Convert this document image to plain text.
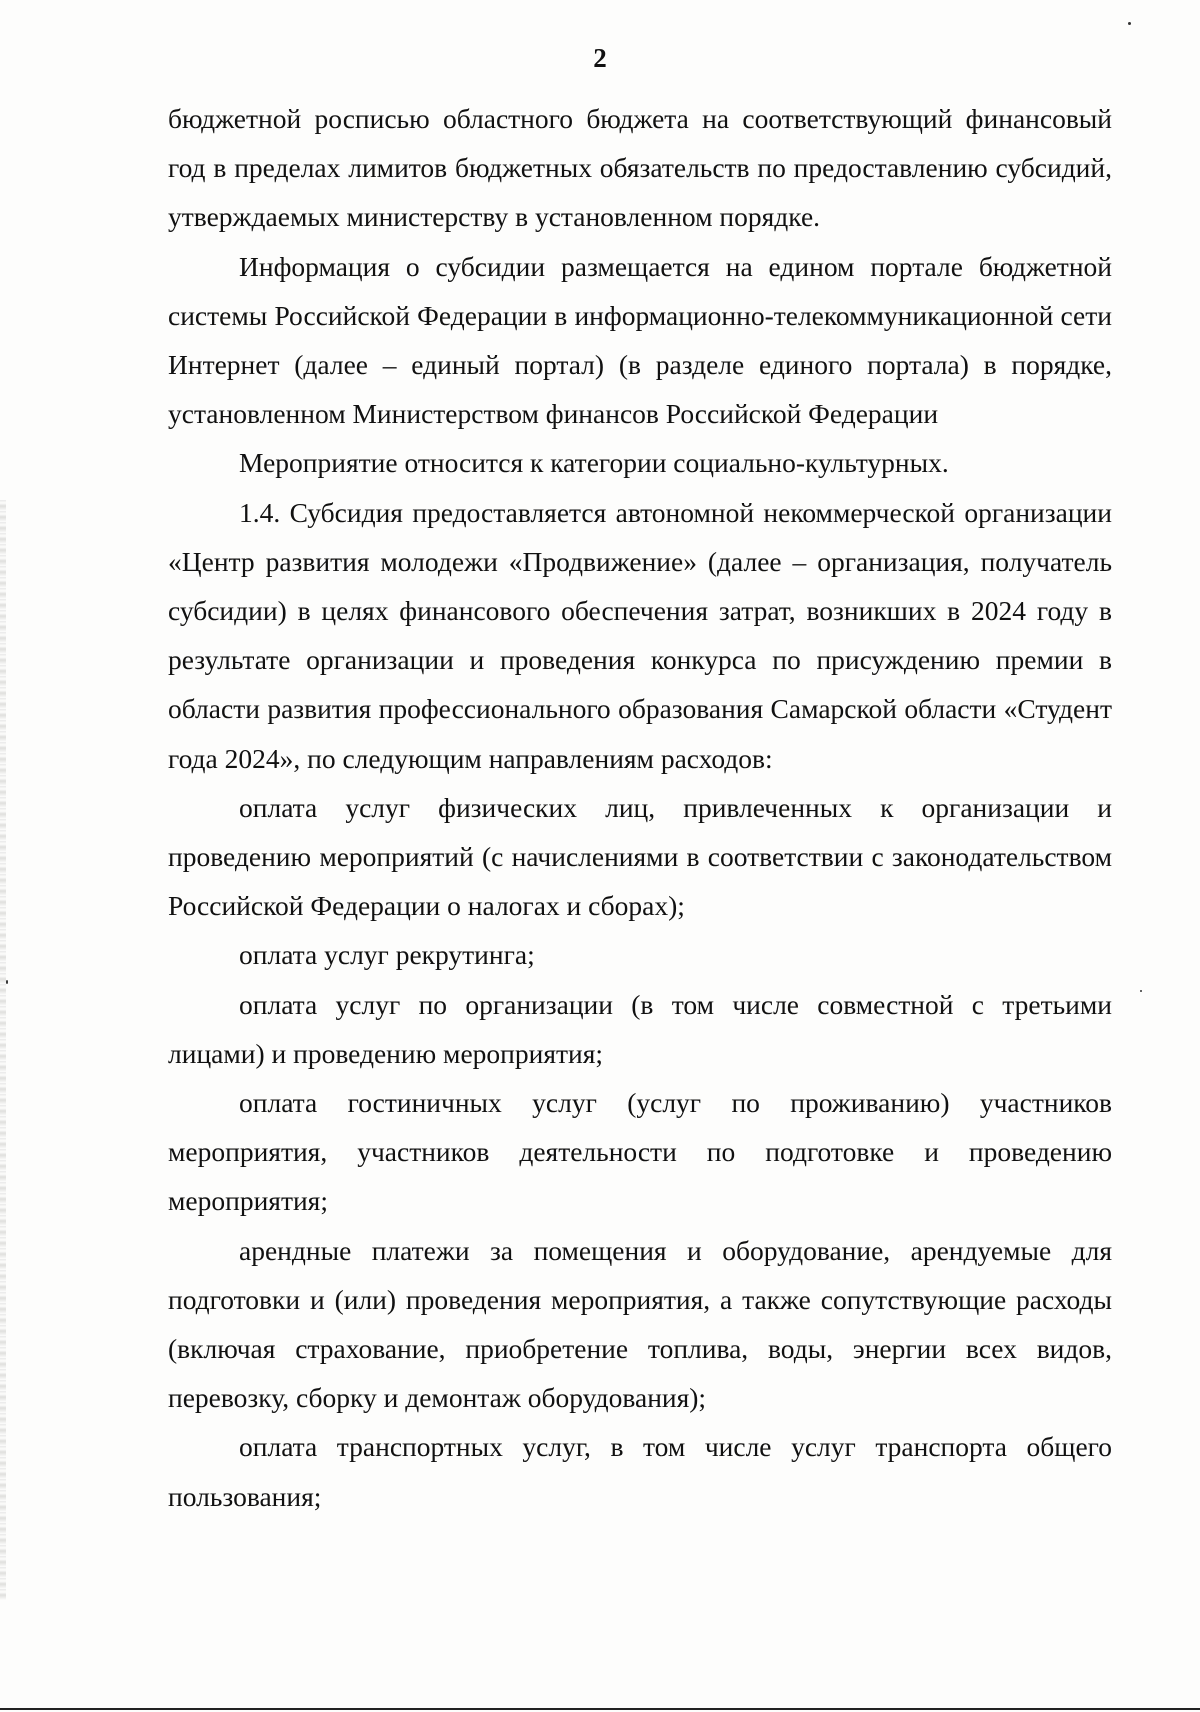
2

бюджетной росписью областного бюджета на соответствующий финансовый год в пределах лимитов бюджетных обязательств по предоставлению субсидий, утверждаемых министерству в установленном порядке.

Информация о субсидии размещается на едином портале бюджетной системы Российской Федерации в информационно-телекоммуникационной сети Интернет (далее – единый портал) (в разделе единого портала) в порядке, установленном Министерством финансов Российской Федерации

Мероприятие относится к категории социально-культурных.

1.4. Субсидия предоставляется автономной некоммерческой организации «Центр развития молодежи «Продвижение» (далее – организация, получатель субсидии) в целях финансового обеспечения затрат, возникших в 2024 году в результате организации и проведения конкурса по присуждению премии в области развития профессионального образования Самарской области «Студент года 2024», по следующим направлениям расходов:

оплата услуг физических лиц, привлеченных к организации и проведению мероприятий (с начислениями в соответствии с законодательством Российской Федерации о налогах и сборах);

оплата услуг рекрутинга;

оплата услуг по организации (в том числе совместной с третьими лицами) и проведению мероприятия;

оплата гостиничных услуг (услуг по проживанию) участников мероприятия, участников деятельности по подготовке и проведению мероприятия;

арендные платежи за помещения и оборудование, арендуемые для подготовки и (или) проведения мероприятия, а также сопутствующие расходы (включая страхование, приобретение топлива, воды, энергии всех видов, перевозку, сборку и демонтаж оборудования);

оплата транспортных услуг, в том числе услуг транспорта общего пользования;
